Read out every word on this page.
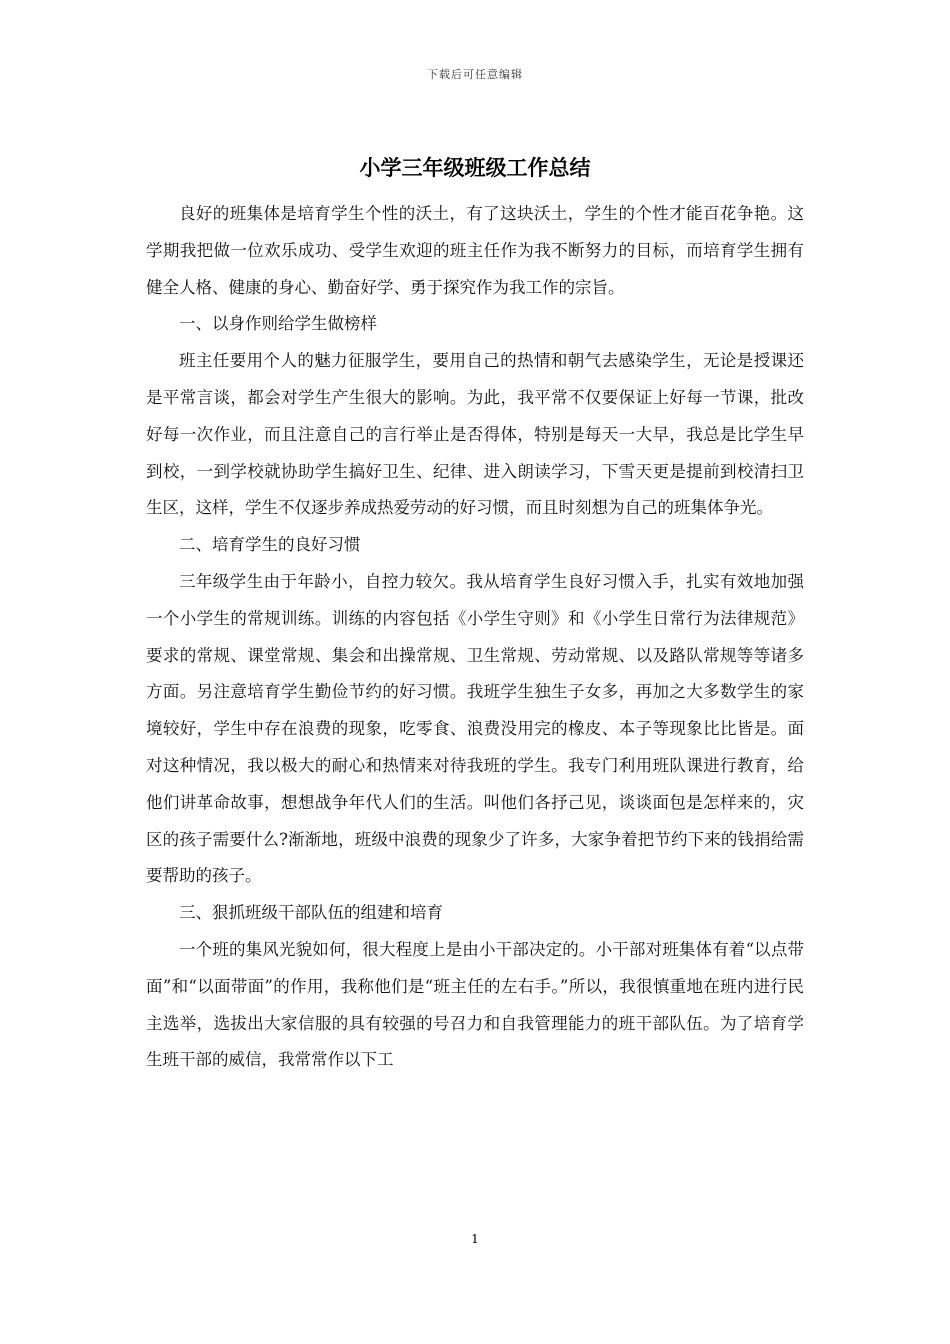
下载后可任意编辑
小学三年级班级工作总结

良好的班集体是培育学生个性的沃土，有了这块沃土，学生的个性才能百花争艳。这学期我把做一位欢乐成功、受学生欢迎的班主任作为我不断努力的目标，而培育学生拥有健全人格、健康的身心、勤奋好学、勇于探究作为我工作的宗旨。

一、以身作则给学生做榜样

班主任要用个人的魅力征服学生，要用自己的热情和朝气去感染学生，无论是授课还是平常言谈，都会对学生产生很大的影响。为此，我平常不仅要保证上好每一节课，批改好每一次作业，而且注意自己的言行举止是否得体，特别是每天一大早，我总是比学生早到校，一到学校就协助学生搞好卫生、纪律、进入朗读学习，下雪天更是提前到校清扫卫生区，这样，学生不仅逐步养成热爱劳动的好习惯，而且时刻想为自己的班集体争光。

二、培育学生的良好习惯

三年级学生由于年龄小，自控力较欠。我从培育学生良好习惯入手，扎实有效地加强一个小学生的常规训练。训练的内容包括《小学生守则》和《小学生日常行为法律规范》要求的常规、课堂常规、集会和出操常规、卫生常规、劳动常规、以及路队常规等等诸多方面。另注意培育学生勤俭节约的好习惯。我班学生独生子女多，再加之大多数学生的家境较好，学生中存在浪费的现象，吃零食、浪费没用完的橡皮、本子等现象比比皆是。面对这种情况，我以极大的耐心和热情来对待我班的学生。我专门利用班队课进行教育，给他们讲革命故事，想想战争年代人们的生活。叫他们各抒己见，谈谈面包是怎样来的，灾区的孩子需要什么?渐渐地，班级中浪费的现象少了许多，大家争着把节约下来的钱捐给需要帮助的孩子。

三、狠抓班级干部队伍的组建和培育

一个班的集风光貌如何，很大程度上是由小干部决定的。小干部对班集体有着“以点带面”和“以面带面”的作用，我称他们是“班主任的左右手。”所以，我很慎重地在班内进行民主选举，选拔出大家信服的具有较强的号召力和自我管理能力的班干部队伍。为了培育学生班干部的威信，我常常作以下工

1
